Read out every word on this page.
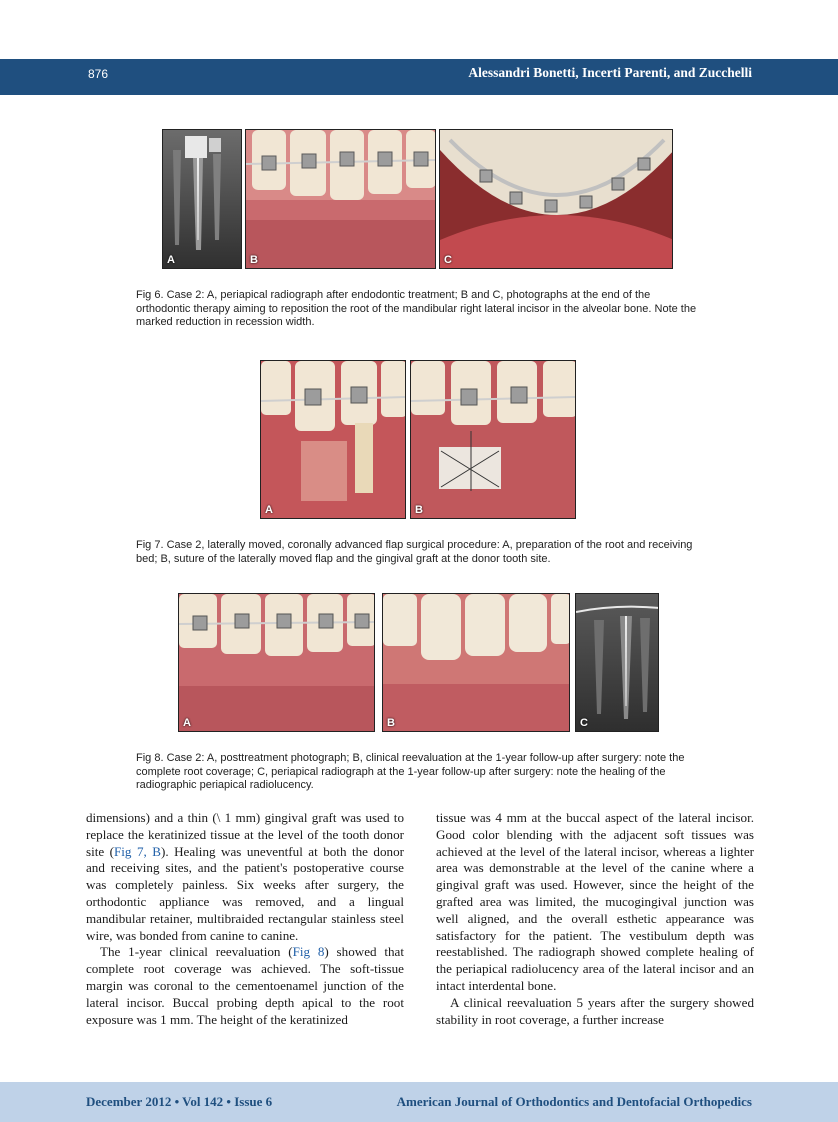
876	Alessandri Bonetti, Incerti Parenti, and Zucchelli
A	B	C
Fig 6. Case 2: A, periapical radiograph after endodontic treatment; B and C, photographs at the end of the orthodontic therapy aiming to reposition the root of the mandibular right lateral incisor in the alveolar bone. Note the marked reduction in recession width.
A	B
Fig 7. Case 2, laterally moved, coronally advanced flap surgical procedure: A, preparation of the root and receiving bed; B, suture of the laterally moved flap and the gingival graft at the donor tooth site.
A	B	C
Fig 8. Case 2: A, posttreatment photograph; B, clinical reevaluation at the 1-year follow-up after surgery: note the complete root coverage; C, periapical radiograph at the 1-year follow-up after surgery: note the healing of the radiographic periapical radiolucency.

dimensions) and a thin (\ 1 mm) gingival graft was used to replace the keratinized tissue at the level of the tooth donor site (Fig 7, B). Healing was uneventful at both the donor and receiving sites, and the patient's postoperative course was completely painless. Six weeks after surgery, the orthodontic appliance was removed, and a lingual mandibular retainer, multibraided rectangular stainless steel wire, was bonded from canine to canine.

The 1-year clinical reevaluation (Fig 8) showed that complete root coverage was achieved. The soft-tissue margin was coronal to the cementoenamel junction of the lateral incisor. Buccal probing depth apical to the root exposure was 1 mm. The height of the keratinized

tissue was 4 mm at the buccal aspect of the lateral incisor. Good color blending with the adjacent soft tissues was achieved at the level of the lateral incisor, whereas a lighter area was demonstrable at the level of the canine where a gingival graft was used. However, since the height of the grafted area was limited, the mucogingival junction was well aligned, and the overall esthetic appearance was satisfactory for the patient. The vestibulum depth was reestablished. The radiograph showed complete healing of the periapical radiolucency area of the lateral incisor and an intact interdental bone.

A clinical reevaluation 5 years after the surgery showed stability in root coverage, a further increase

December 2012 • Vol 142 • Issue 6	American Journal of Orthodontics and Dentofacial Orthopedics
